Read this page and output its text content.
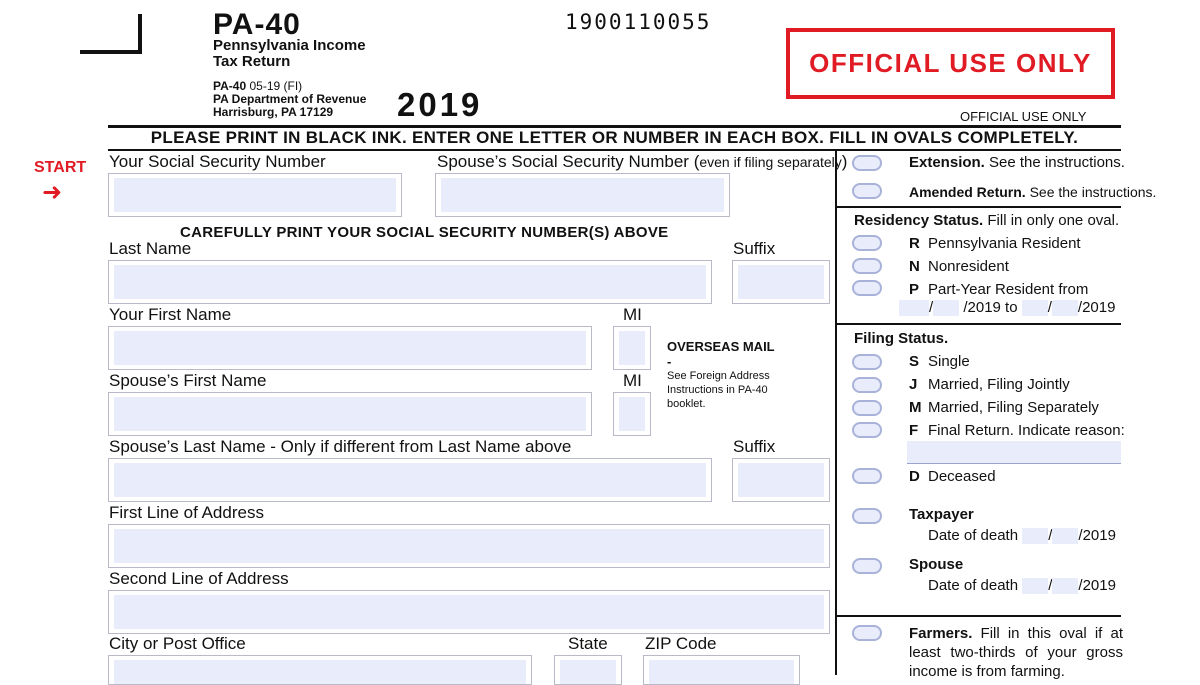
PA-40
Pennsylvania Income
Tax Return
PA-40 05-19 (FI)
PA Department of Revenue
Harrisburg, PA 17129	2019
1900110055
OFFICIAL USE ONLY
OFFICIAL USE ONLY
PLEASE PRINT IN BLACK INK. ENTER ONE LETTER OR NUMBER IN EACH BOX. FILL IN OVALS COMPLETELY.
START
➜
Your Social Security Number	Spouse’s Social Security Number (even if filing separately)
CAREFULLY PRINT YOUR SOCIAL SECURITY NUMBER(S) ABOVE
Last Name	Suffix
Your First Name	MI
OVERSEAS MAIL -
See Foreign Address Instructions in PA-40 booklet.
Spouse’s First Name	MI
Spouse’s Last Name - Only if different from Last Name above	Suffix
First Line of Address
Second Line of Address
City or Post Office	State ZIP Code
Extension. See the instructions.
Amended Return. See the instructions.
Residency Status. Fill in only one oval.
R Pennsylvania Resident
N Nonresident
P Part-Year Resident from
/ /2019 to / /2019
Filing Status.
S Single
J Married, Filing Jointly
M Married, Filing Separately
F Final Return. Indicate reason:
D Deceased
Taxpayer
Date of death / /2019
Spouse
Date of death / /2019
Farmers. Fill in this oval if at least two-thirds of your gross income is from farming.
